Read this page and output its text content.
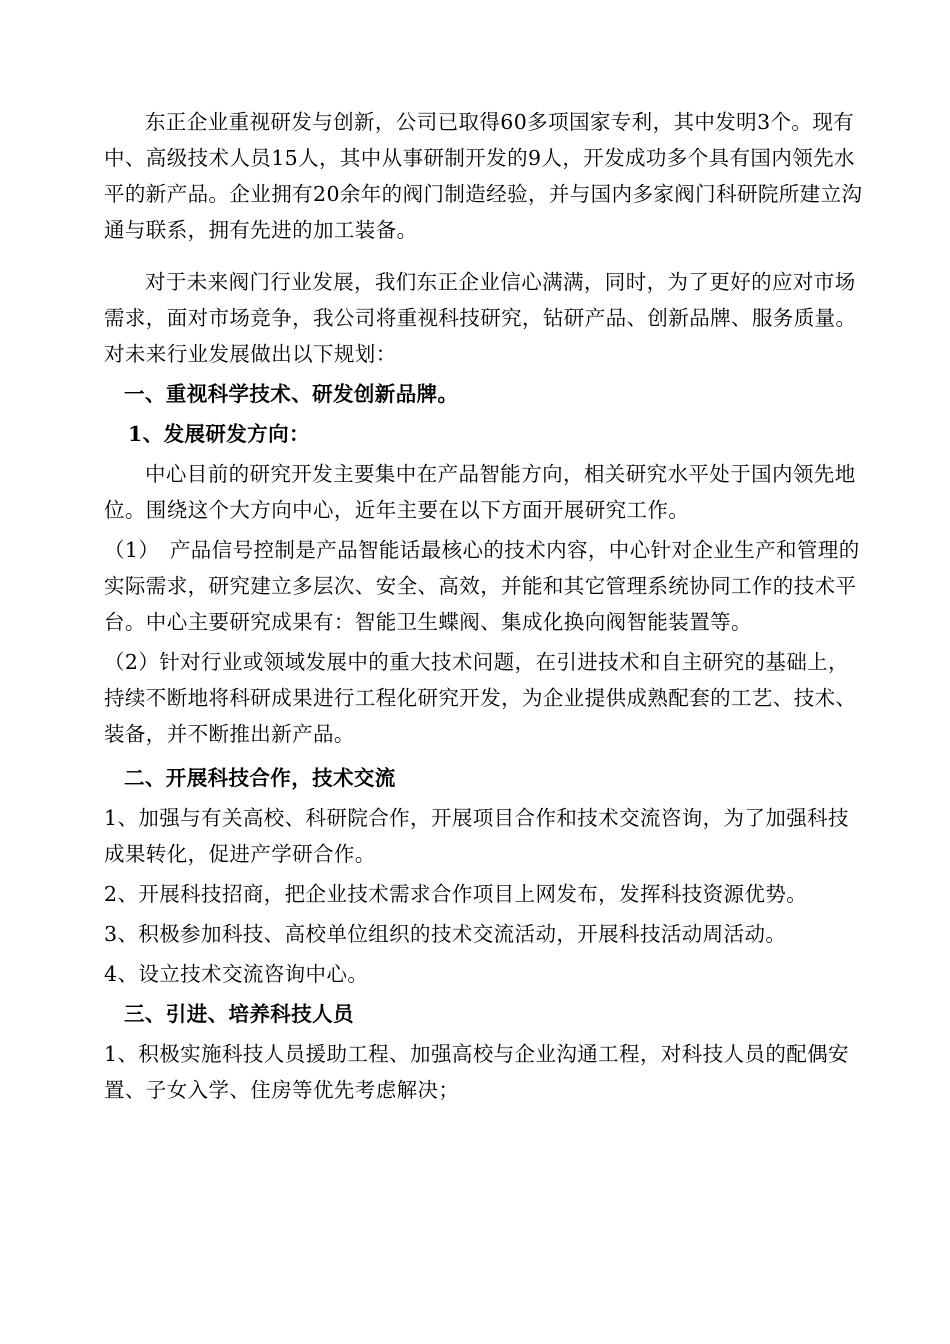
东正企业重视研发与创新，公司已取得60多项国家专利，其中发明3个。现有中、高级技术人员15人，其中从事研制开发的9人，开发成功多个具有国内领先水平的新产品。企业拥有20余年的阀门制造经验，并与国内多家阀门科研院所建立沟通与联系，拥有先进的加工装备。

对于未来阀门行业发展，我们东正企业信心满满，同时，为了更好的应对市场需求，面对市场竞争，我公司将重视科技研究，钻研产品、创新品牌、服务质量。对未来行业发展做出以下规划：

一、重视科学技术、研发创新品牌。

1、发展研发方向：

中心目前的研究开发主要集中在产品智能方向，相关研究水平处于国内领先地位。围绕这个大方向中心，近年主要在以下方面开展研究工作。

（1）　产品信号控制是产品智能话最核心的技术内容，中心针对企业生产和管理的实际需求，研究建立多层次、安全、高效，并能和其它管理系统协同工作的技术平台。中心主要研究成果有：智能卫生蝶阀、集成化换向阀智能装置等。

（2）针对行业或领域发展中的重大技术问题，在引进技术和自主研究的基础上，持续不断地将科研成果进行工程化研究开发，为企业提供成熟配套的工艺、技术、装备，并不断推出新产品。

二、开展科技合作，技术交流

1、加强与有关高校、科研院合作，开展项目合作和技术交流咨询，为了加强科技成果转化，促进产学研合作。

2、开展科技招商，把企业技术需求合作项目上网发布，发挥科技资源优势。

3、积极参加科技、高校单位组织的技术交流活动，开展科技活动周活动。

4、设立技术交流咨询中心。

三、引进、培养科技人员

1、积极实施科技人员援助工程、加强高校与企业沟通工程，对科技人员的配偶安置、子女入学、住房等优先考虑解决；
